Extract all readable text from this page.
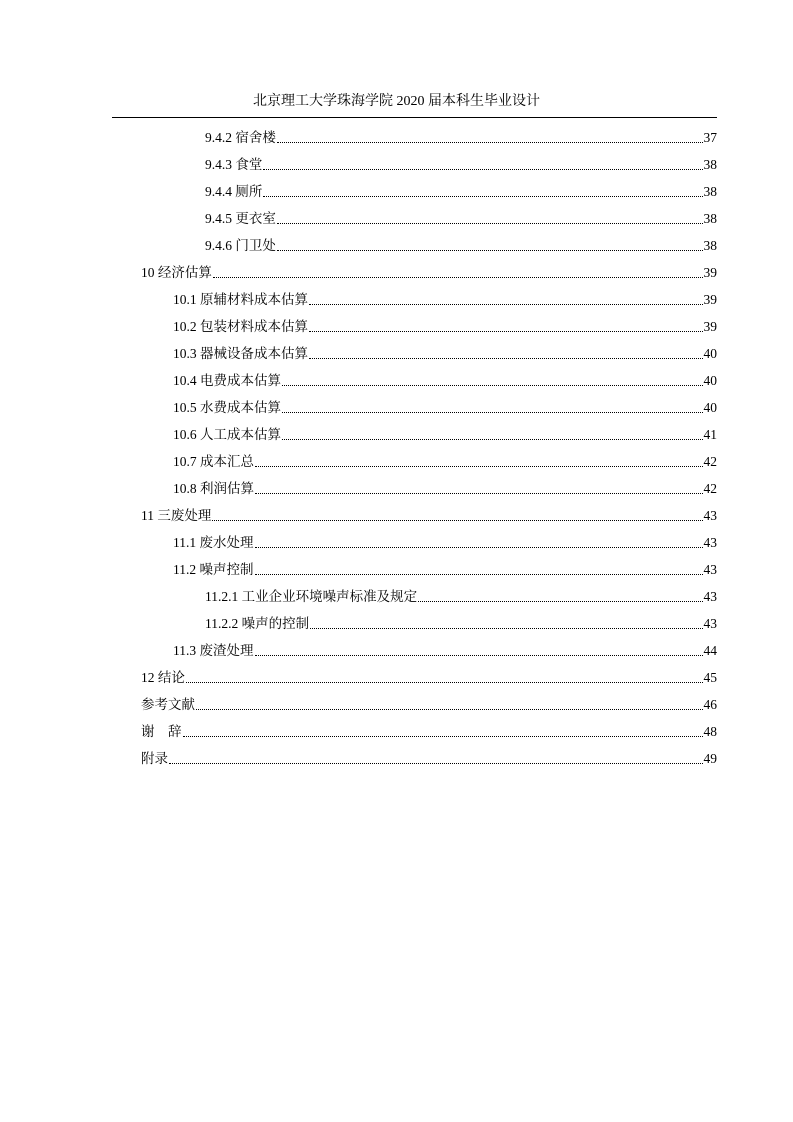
北京理工大学珠海学院 2020 届本科生毕业设计
9.4.2 宿舍楼	37
9.4.3 食堂	38
9.4.4 厕所	38
9.4.5 更衣室	38
9.4.6 门卫处	38
10 经济估算	39
10.1 原辅材料成本估算	39
10.2 包装材料成本估算	39
10.3 器械设备成本估算	40
10.4 电费成本估算	40
10.5 水费成本估算	40
10.6 人工成本估算	41
10.7 成本汇总	42
10.8 利润估算	42
11 三废处理	43
11.1 废水处理	43
11.2 噪声控制	43
11.2.1 工业企业环境噪声标准及规定	43
11.2.2 噪声的控制	43
11.3 废渣处理	44
12 结论	45
参考文献	46
谢　辞	48
附录	49
